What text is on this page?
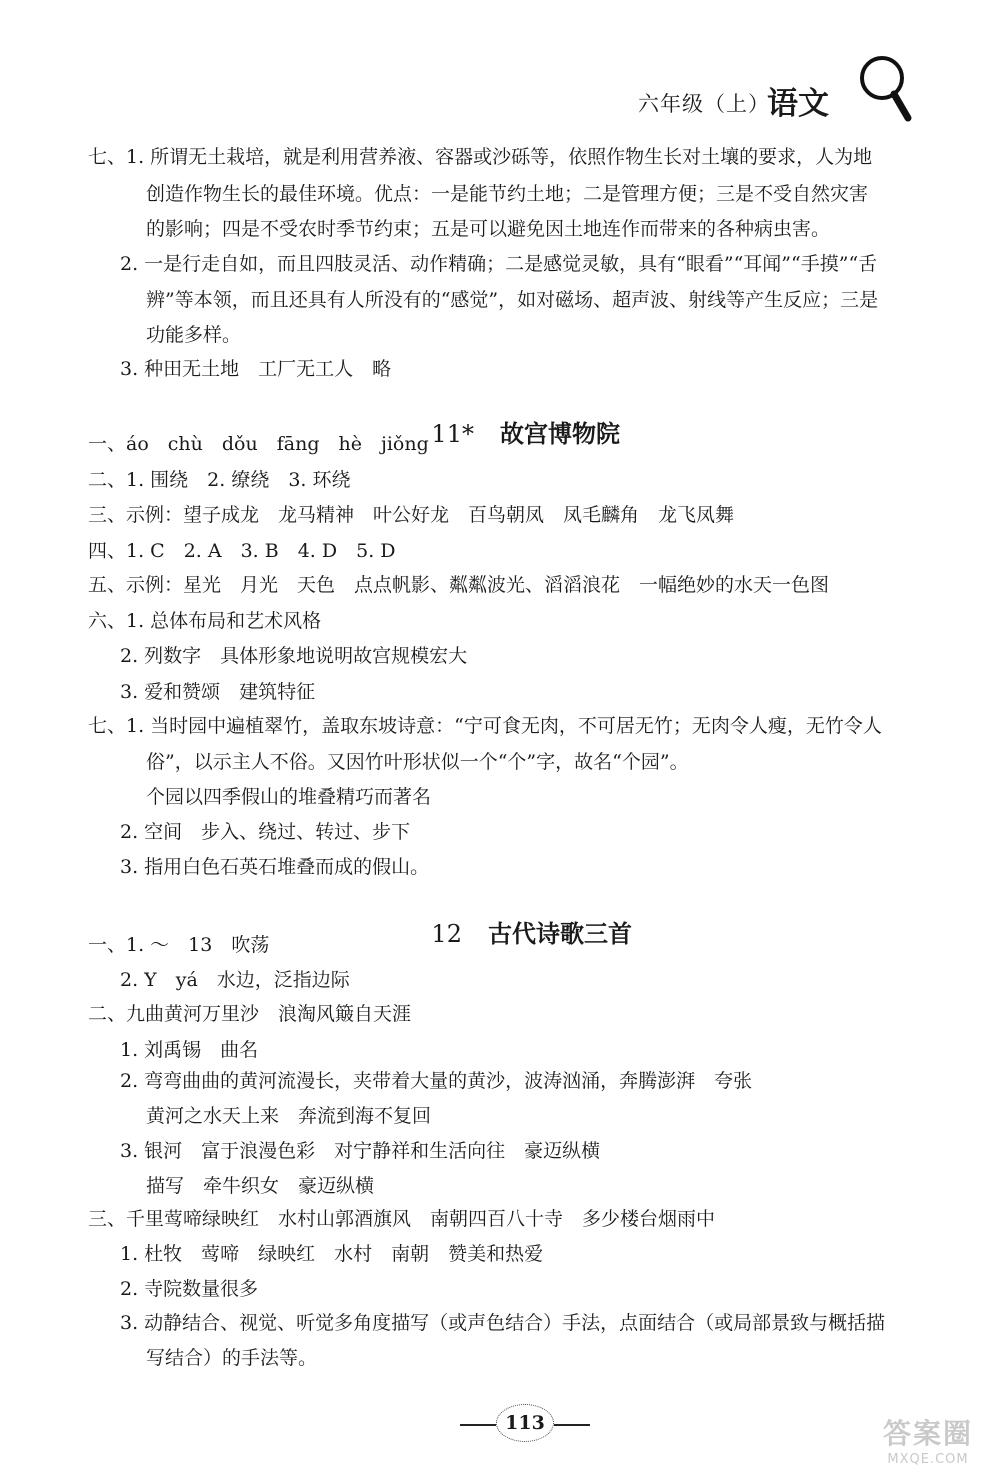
六年级（上）
语文
七、1. 所谓无土栽培，就是利用营养液、容器或沙砾等，依照作物生长对土壤的要求，人为地
创造作物生长的最佳环境。优点：一是能节约土地；二是管理方便；三是不受自然灾害
的影响；四是不受农时季节约束；五是可以避免因土地连作而带来的各种病虫害。
2. 一是行走自如，而且四肢灵活、动作精确；二是感觉灵敏，具有“眼看”“耳闻”“手摸”“舌
辨”等本领，而且还具有人所没有的“感觉”，如对磁场、超声波、射线等产生反应；三是
功能多样。
3. 种田无土地　工厂无工人　略

11* 故宫博物院

一、áo　chù　dǒu　fāng　hè　jiǒng
二、1. 围绕　2. 缭绕　3. 环绕
三、示例：望子成龙　龙马精神　叶公好龙　百鸟朝凤　凤毛麟角　龙飞凤舞
四、1. C　2. A　3. B　4. D　5. D
五、示例：星光　月光　天色　点点帆影、粼粼波光、滔滔浪花　一幅绝妙的水天一色图
六、1. 总体布局和艺术风格
2. 列数字　具体形象地说明故宫规模宏大
3. 爱和赞颂　建筑特征
七、1. 当时园中遍植翠竹，盖取东坡诗意：“宁可食无肉，不可居无竹；无肉令人瘦，无竹令人
俗”，以示主人不俗。又因竹叶形状似一个“个”字，故名“个园”。
个园以四季假山的堆叠精巧而著名
2. 空间　步入、绕过、转过、步下
3. 指用白色石英石堆叠而成的假山。

12 古代诗歌三首

一、1. ～　13　吹荡
2. Y　yá　水边，泛指边际
二、九曲黄河万里沙　浪淘风簸自天涯
1. 刘禹锡　曲名
2. 弯弯曲曲的黄河流漫长，夹带着大量的黄沙，波涛汹涌，奔腾澎湃　夸张
黄河之水天上来　奔流到海不复回
3. 银河　富于浪漫色彩　对宁静祥和生活向往　豪迈纵横
描写　牵牛织女　豪迈纵横
三、千里莺啼绿映红　水村山郭酒旗风　南朝四百八十寺　多少楼台烟雨中
1. 杜牧　莺啼　绿映红　水村　南朝　赞美和热爱
2. 寺院数量很多
3. 动静结合、视觉、听觉多角度描写（或声色结合）手法，点面结合（或局部景致与概括描
写结合）的手法等。
113	答案圈
MXQE.COM
